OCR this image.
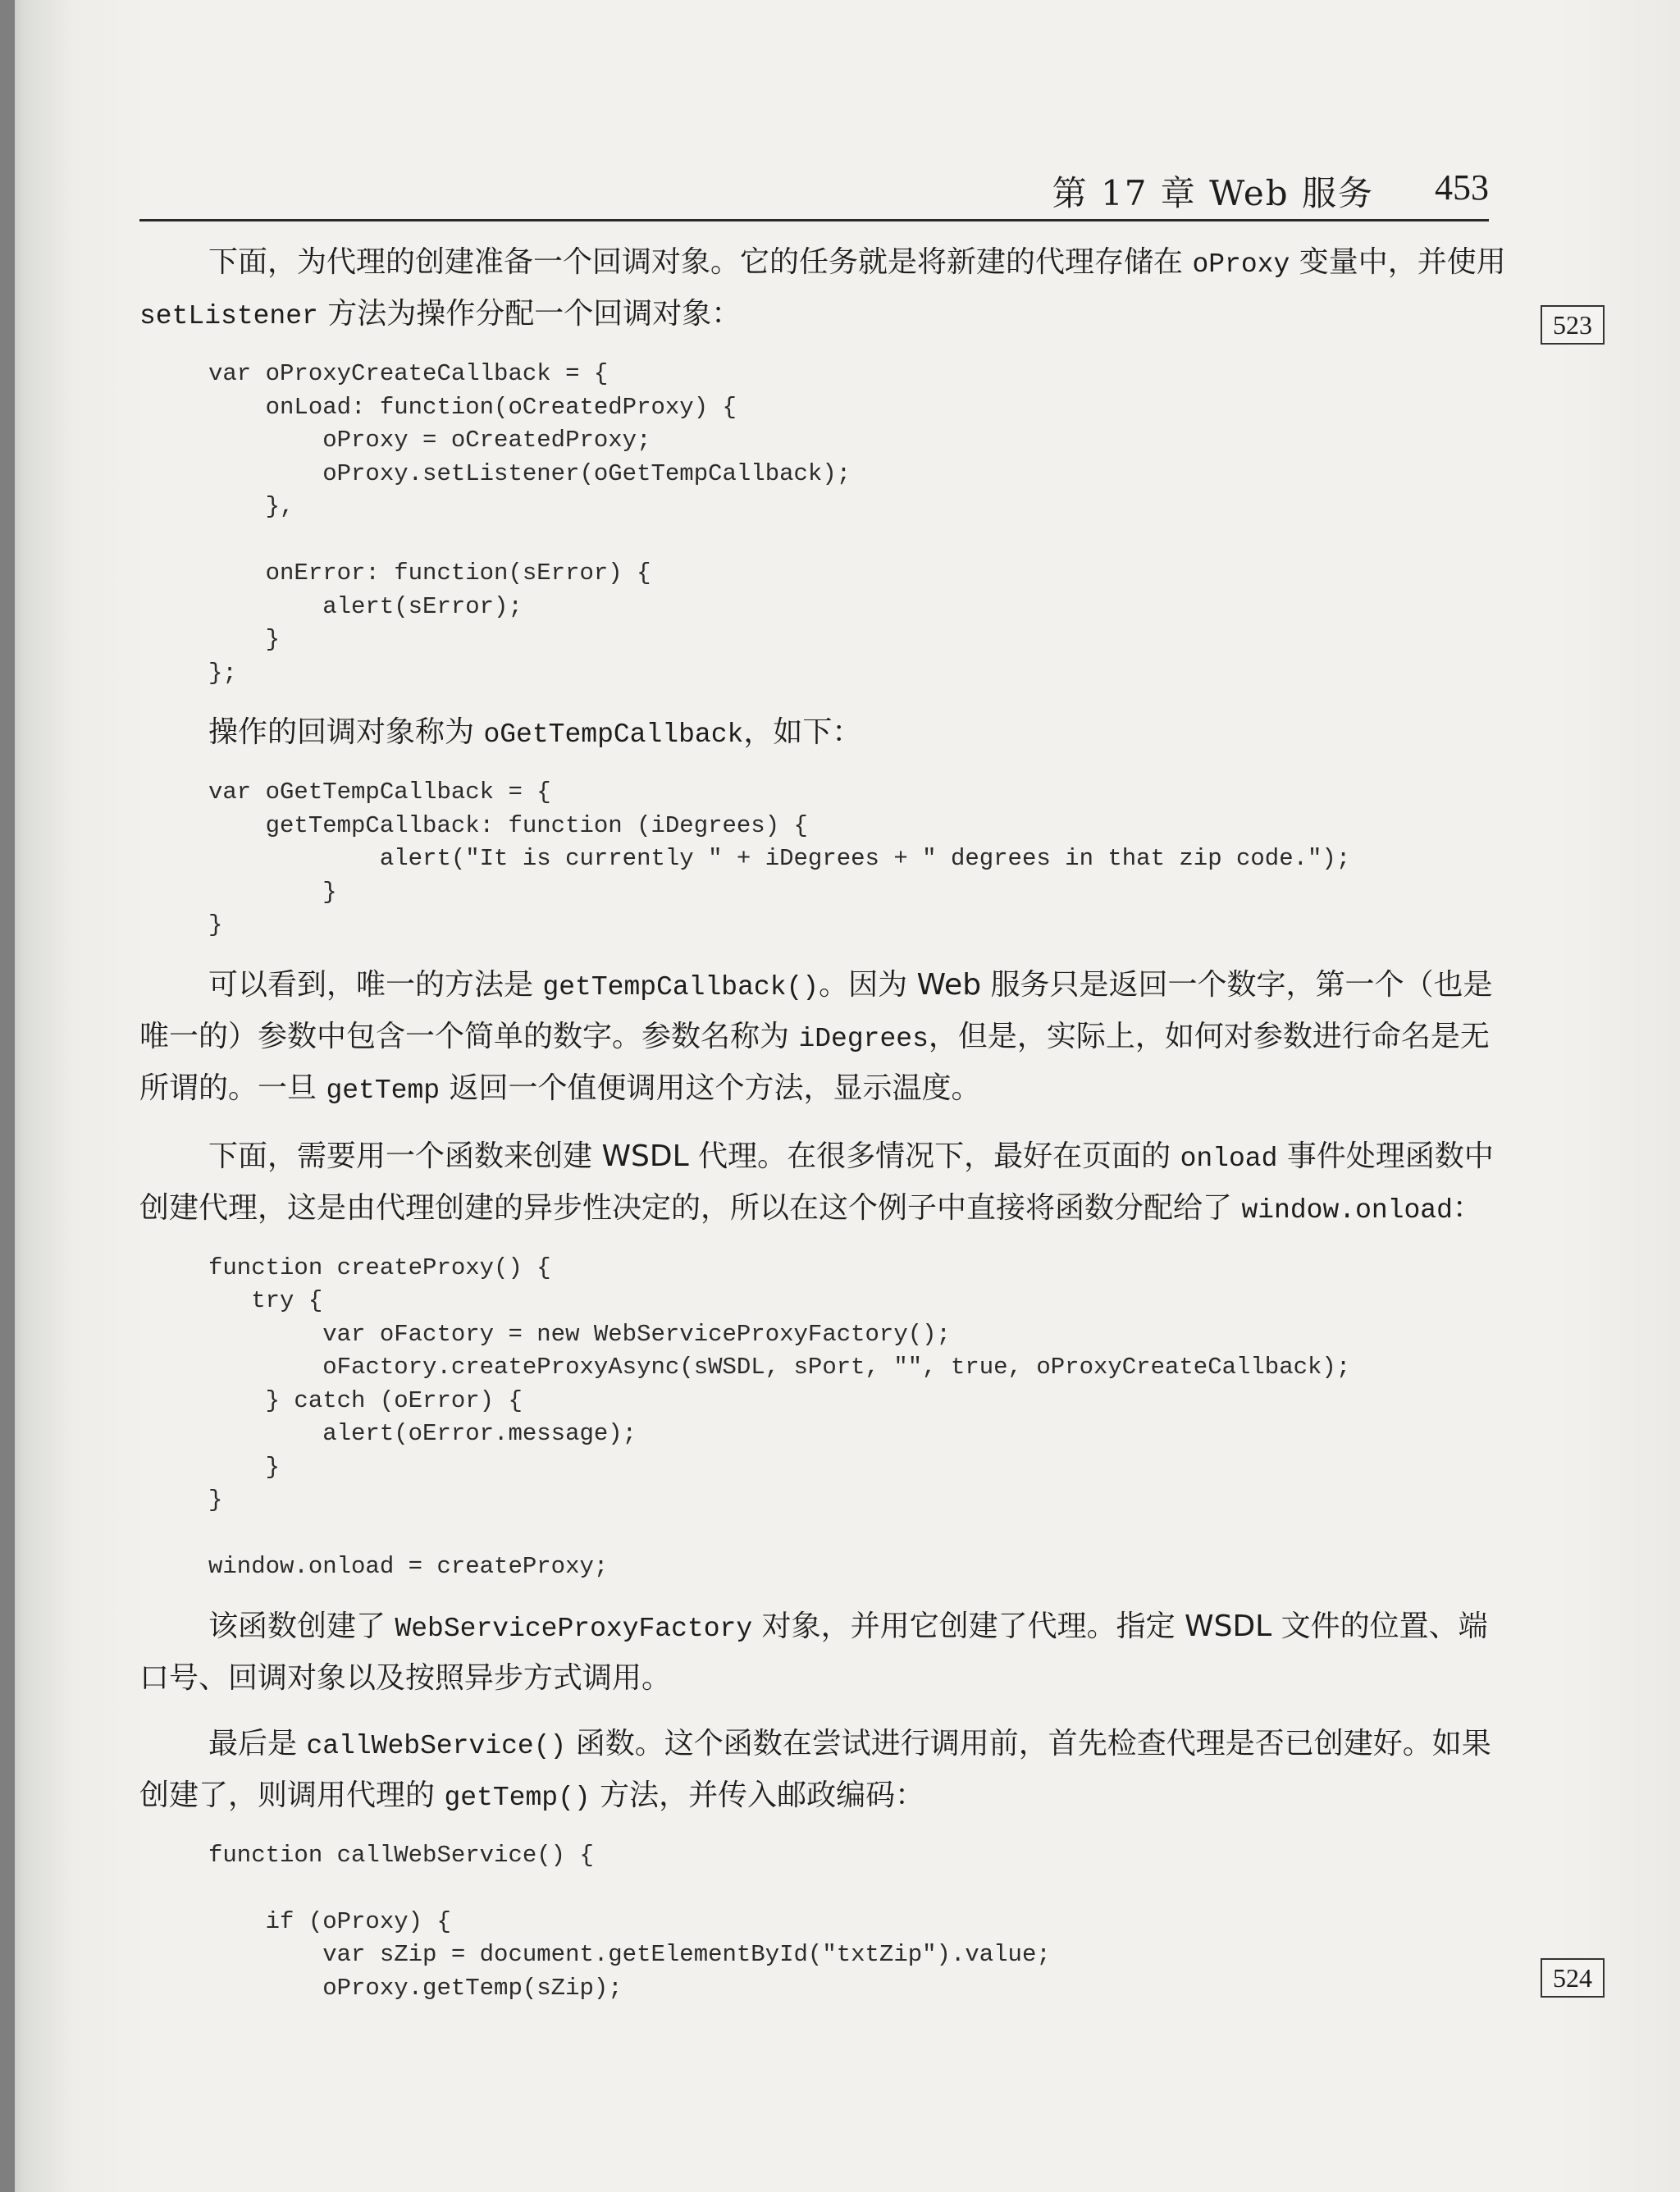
第 17 章 Web 服务 453
523
524

下面，为代理的创建准备一个回调对象。它的任务就是将新建的代理存储在 oProxy 变量中，并使用 setListener 方法为操作分配一个回调对象：

var oProxyCreateCallback = {
onLoad: function(oCreatedProxy) {
oProxy = oCreatedProxy;
oProxy.setListener(oGetTempCallback);
},

onError: function(sError) {
alert(sError);
}
};

操作的回调对象称为 oGetTempCallback，如下：

var oGetTempCallback = {
getTempCallback: function (iDegrees) {
alert("It is currently " + iDegrees + " degrees in that zip code.");
}
}

可以看到，唯一的方法是 getTempCallback()。因为 Web 服务只是返回一个数字，第一个（也是唯一的）参数中包含一个简单的数字。参数名称为 iDegrees，但是，实际上，如何对参数进行命名是无所谓的。一旦 getTemp 返回一个值便调用这个方法，显示温度。

下面，需要用一个函数来创建 WSDL 代理。在很多情况下，最好在页面的 onload 事件处理函数中创建代理，这是由代理创建的异步性决定的，所以在这个例子中直接将函数分配给了 window.onload：

function createProxy() {
try {
var oFactory = new WebServiceProxyFactory();
oFactory.createProxyAsync(sWSDL, sPort, "", true, oProxyCreateCallback);
} catch (oError) {
alert(oError.message);
}
}

window.onload = createProxy;

该函数创建了 WebServiceProxyFactory 对象，并用它创建了代理。指定 WSDL 文件的位置、端口号、回调对象以及按照异步方式调用。

最后是 callWebService() 函数。这个函数在尝试进行调用前，首先检查代理是否已创建好。如果创建了，则调用代理的 getTemp() 方法，并传入邮政编码：

function callWebService() {

if (oProxy) {
var sZip = document.getElementById("txtZip").value;
oProxy.getTemp(sZip);
